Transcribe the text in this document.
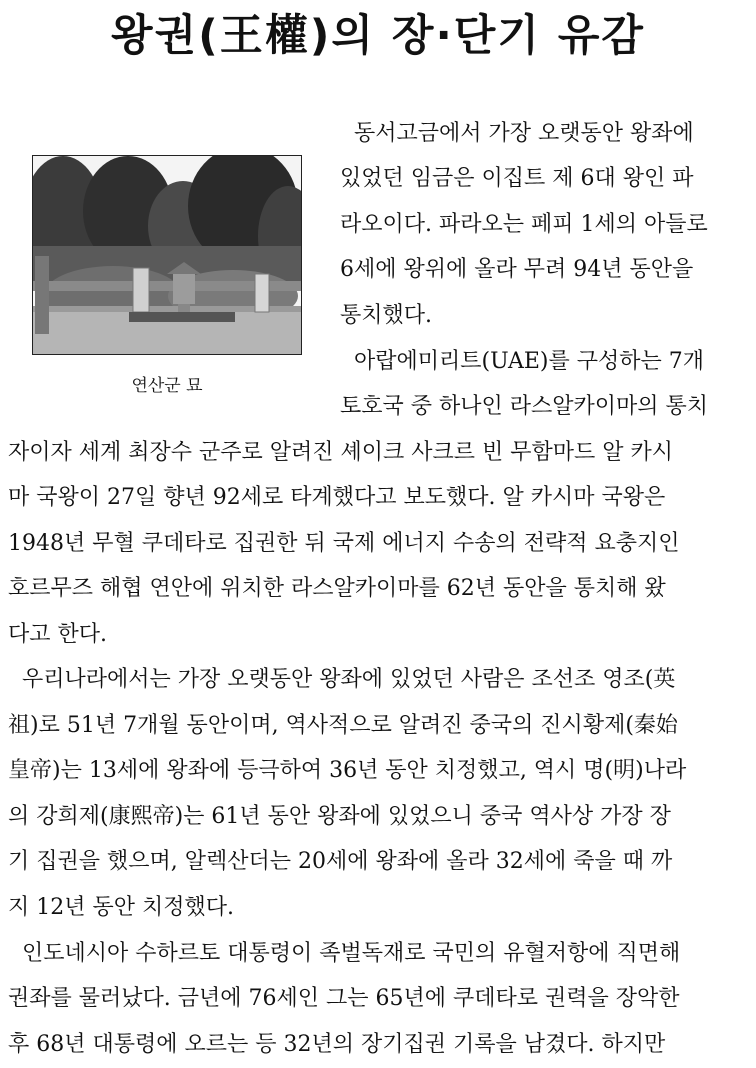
왕권(王權)의 장·단기 유감
연산군 묘
동서고금에서 가장 오랫동안 왕좌에
있었던 임금은 이집트 제 6대 왕인 파
라오이다. 파라오는 페피 1세의 아들로
6세에 왕위에 올라 무려 94년 동안을
통치했다.
아랍에미리트(UAE)를 구성하는 7개
토호국 중 하나인 라스알카이마의 통치
자이자 세계 최장수 군주로 알려진 셰이크 사크르 빈 무함마드 알 카시
마 국왕이 27일 향년 92세로 타계했다고 보도했다. 알 카시마 국왕은
1948년 무혈 쿠데타로 집권한 뒤 국제 에너지 수송의 전략적 요충지인
호르무즈 해협 연안에 위치한 라스알카이마를 62년 동안을 통치해 왔
다고 한다.
우리나라에서는 가장 오랫동안 왕좌에 있었던 사람은 조선조 영조(英
祖)로 51년 7개월 동안이며, 역사적으로 알려진 중국의 진시황제(秦始
皇帝)는 13세에 왕좌에 등극하여 36년 동안 치정했고, 역시 명(明)나라
의 강희제(康熙帝)는 61년 동안 왕좌에 있었으니 중국 역사상 가장 장
기 집권을 했으며, 알렉산더는 20세에 왕좌에 올라 32세에 죽을 때 까
지 12년 동안 치정했다.
인도네시아 수하르토 대통령이 족벌독재로 국민의 유혈저항에 직면해
권좌를 물러났다. 금년에 76세인 그는 65년에 쿠데타로 권력을 장악한
후 68년 대통령에 오르는 등 32년의 장기집권 기록을 남겼다. 하지만
